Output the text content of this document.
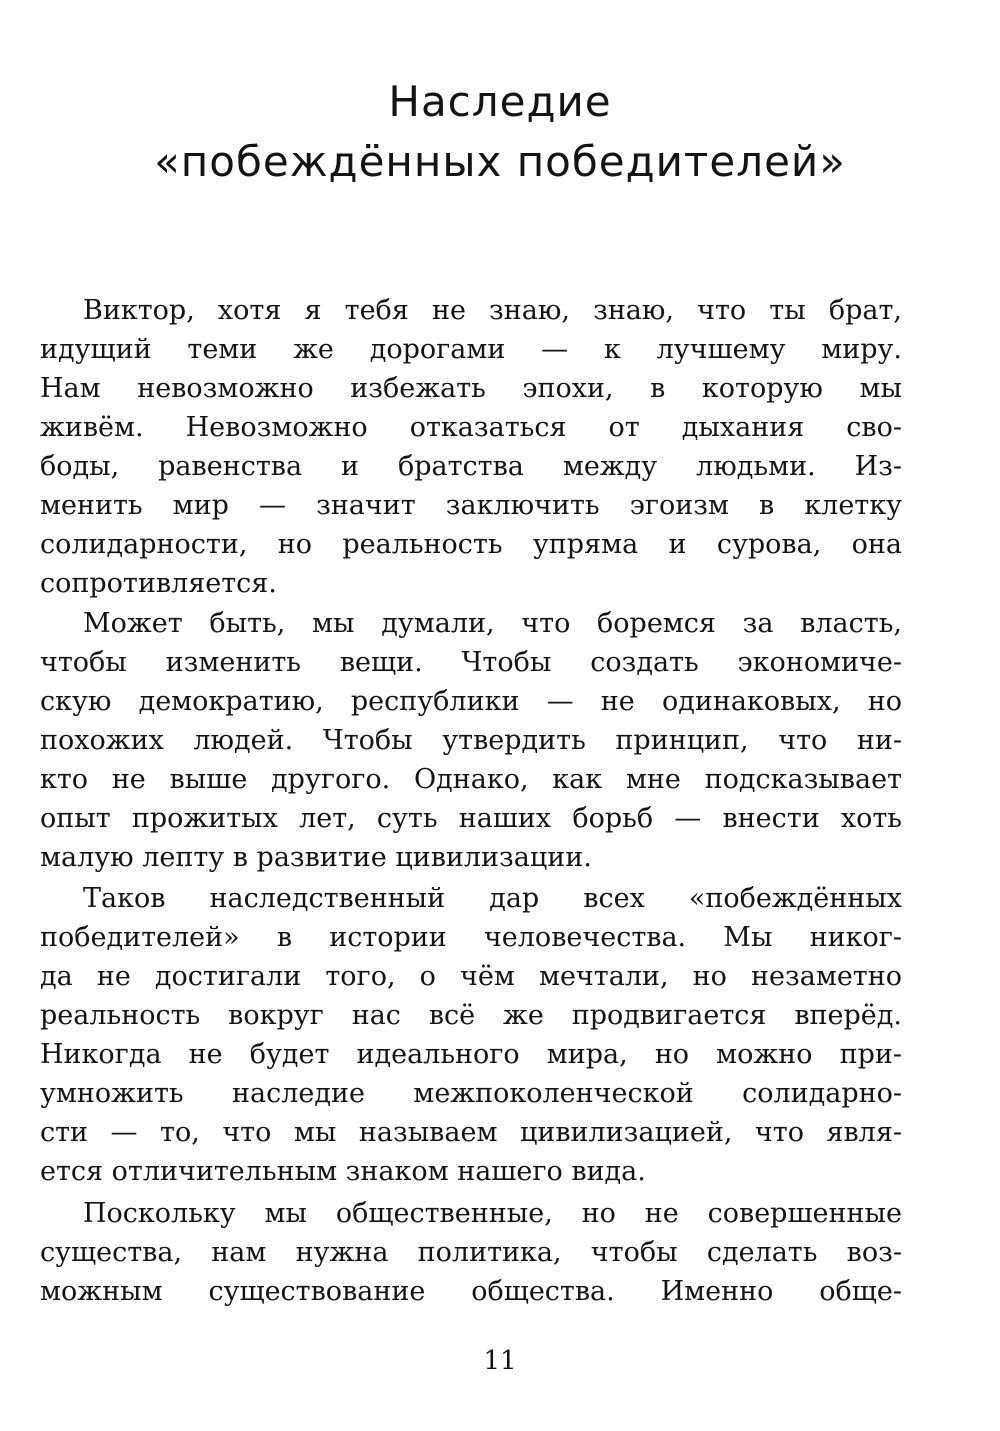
Наследие
«побеждённых победителей»
Виктор, хотя я тебя не знаю, знаю, что ты брат,
идущий теми же дорогами — к лучшему миру.
Нам невозможно избежать эпохи, в которую мы
живём. Невозможно отказаться от дыхания сво-
боды, равенства и братства между людьми. Из-
менить мир — значит заключить эгоизм в клетку
солидарности, но реальность упряма и сурова, она
сопротивляется.
Может быть, мы думали, что боремся за власть,
чтобы изменить вещи. Чтобы создать экономиче-
скую демократию, республики — не одинаковых, но
похожих людей. Чтобы утвердить принцип, что ни-
кто не выше другого. Однако, как мне подсказывает
опыт прожитых лет, суть наших борьб — внести хоть
малую лепту в развитие цивилизации.
Таков наследственный дар всех «побеждённых
победителей» в истории человечества. Мы никог-
да не достигали того, о чём мечтали, но незаметно
реальность вокруг нас всё же продвигается вперёд.
Никогда не будет идеального мира, но можно при-
умножить наследие межпоколенческой солидарно-
сти — то, что мы называем цивилизацией, что явля-
ется отличительным знаком нашего вида.
Поскольку мы общественные, но не совершенные
существа, нам нужна политика, чтобы сделать воз-
можным существование общества. Именно обще-
11
